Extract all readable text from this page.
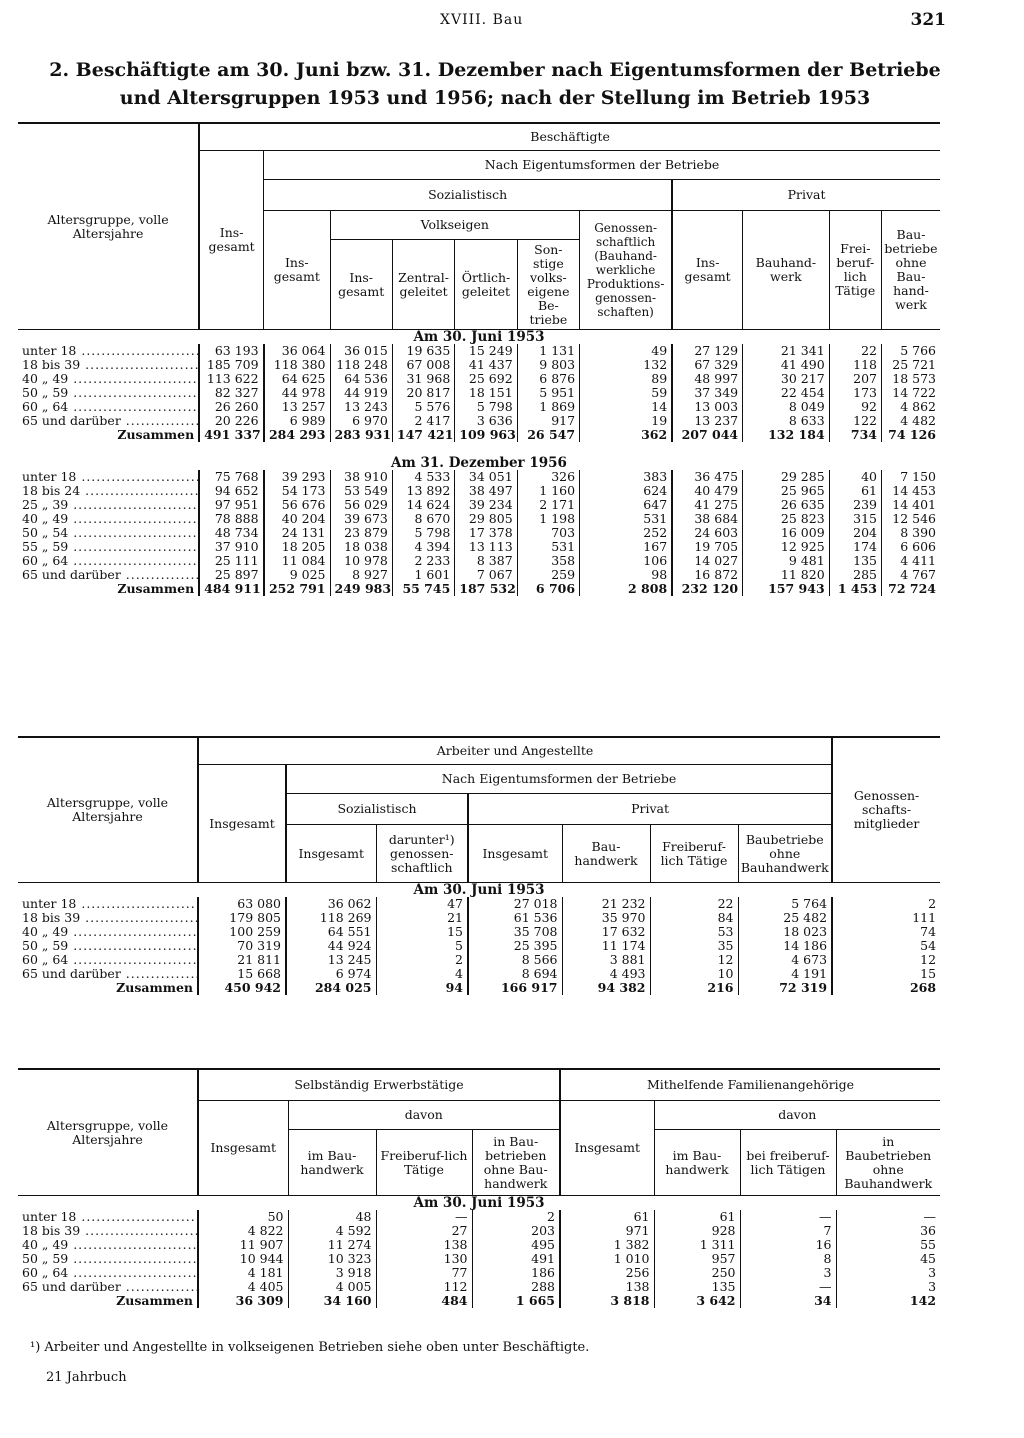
XVIII. Bau	321
2. Beschäftigte am 30. Juni bzw. 31. Dezember nach Eigentumsformen der Betriebe
und Altersgruppen 1953 und 1956; nach der Stellung im Betrieb 1953
Altersgruppe, volle Altersjahre	Beschäftigte										
	Ins-gesamt	Nach Eigentumsformen der Betriebe									
		Sozialistisch						Privat			
		Ins-gesamt	Volkseigen				Genossen-schaftlich (Bauhand-werkliche Produktions-genossen-schaften)	Ins-gesamt	Bauhand-werk	Frei-beruf-lich Tätige	Bau-betriebe ohne Bau-hand-werk
			Ins-gesamt	Zentral-geleitet	Örtlich-geleitet	Son-stige volks-eigene Be-triebe					
Am 30. Juni 1953											
unter 18 .....	63 193	36 064	36 015	19 635	15 249	1 131	49	27 129	21 341	22	5 766
18 bis 39 .....	185 709	118 380	118 248	67 008	41 437	9 803	132	67 329	41 490	118	25 721
40 „ 49 .....	113 622	64 625	64 536	31 968	25 692	6 876	89	48 997	30 217	207	18 573
50 „ 59 .....	82 327	44 978	44 919	20 817	18 151	5 951	59	37 349	22 454	173	14 722
60 „ 64 .....	26 260	13 257	13 243	5 576	5 798	1 869	14	13 003	8 049	92	4 862
65 und darüber .....	20 226	6 989	6 970	2 417	3 636	917	19	13 237	8 633	122	4 482
Zusammen	491 337	284 293	283 931	147 421	109 963	26 547	362	207 044	132 184	734	74 126

Am 31. Dezember 1956											
unter 18 .....	75 768	39 293	38 910	4 533	34 051	326	383	36 475	29 285	40	7 150
18 bis 24 .....	94 652	54 173	53 549	13 892	38 497	1 160	624	40 479	25 965	61	14 453
25 „ 39 .....	97 951	56 676	56 029	14 624	39 234	2 171	647	41 275	26 635	239	14 401
40 „ 49 .....	78 888	40 204	39 673	8 670	29 805	1 198	531	38 684	25 823	315	12 546
50 „ 54 .....	48 734	24 131	23 879	5 798	17 378	703	252	24 603	16 009	204	8 390
55 „ 59 .....	37 910	18 205	18 038	4 394	13 113	531	167	19 705	12 925	174	6 606
60 „ 64 .....	25 111	11 084	10 978	2 233	8 387	358	106	14 027	9 481	135	4 411
65 und darüber .....	25 897	9 025	8 927	1 601	7 067	259	98	16 872	11 820	285	4 767
Zusammen	484 911	252 791	249 983	55 745	187 532	6 706	2 808	232 120	157 943	1 453	72 724
Altersgruppe, volle Altersjahre	Arbeiter und Angestellte							Genossen-schafts-mitglieder
	Insgesamt	Nach Eigentumsformen der Betriebe						
		Sozialistisch		Privat				
		Insgesamt	darunter¹) genossen-schaftlich	Insgesamt	Bau-handwerk	Freiberuf-lich Tätige	Baubetriebe ohne Bauhandwerk	
Am 30. Juni 1953								
unter 18 .....	63 080	36 062	47	27 018	21 232	22	5 764	2
18 bis 39 .....	179 805	118 269	21	61 536	35 970	84	25 482	111
40 „ 49 .....	100 259	64 551	15	35 708	17 632	53	18 023	74
50 „ 59 .....	70 319	44 924	5	25 395	11 174	35	14 186	54
60 „ 64 .....	21 811	13 245	2	8 566	3 881	12	4 673	12
65 und darüber .....	15 668	6 974	4	8 694	4 493	10	4 191	15
Zusammen	450 942	284 025	94	166 917	94 382	216	72 319	268
Altersgruppe, volle Altersjahre	Selbständig Erwerbstätige				Mithelfende Familienangehörige			
	Insgesamt	davon			Insgesamt	davon		
		im Bau-handwerk	Freiberuf-lich Tätige	in Bau-betrieben ohne Bau-handwerk		im Bau-handwerk	bei freiberuf-lich Tätigen	in Baubetrieben ohne Bauhandwerk
Am 30. Juni 1953								
unter 18 .....	50	48	—	2	61	61	—	—
18 bis 39 .....	4 822	4 592	27	203	971	928	7	36
40 „ 49 .....	11 907	11 274	138	495	1 382	1 311	16	55
50 „ 59 .....	10 944	10 323	130	491	1 010	957	8	45
60 „ 64 .....	4 181	3 918	77	186	256	250	3	3
65 und darüber .....	4 405	4 005	112	288	138	135	—	3
Zusammen	36 309	34 160	484	1 665	3 818	3 642	34	142
¹) Arbeiter und Angestellte in volkseigenen Betrieben siehe oben unter Beschäftigte.
21 Jahrbuch
